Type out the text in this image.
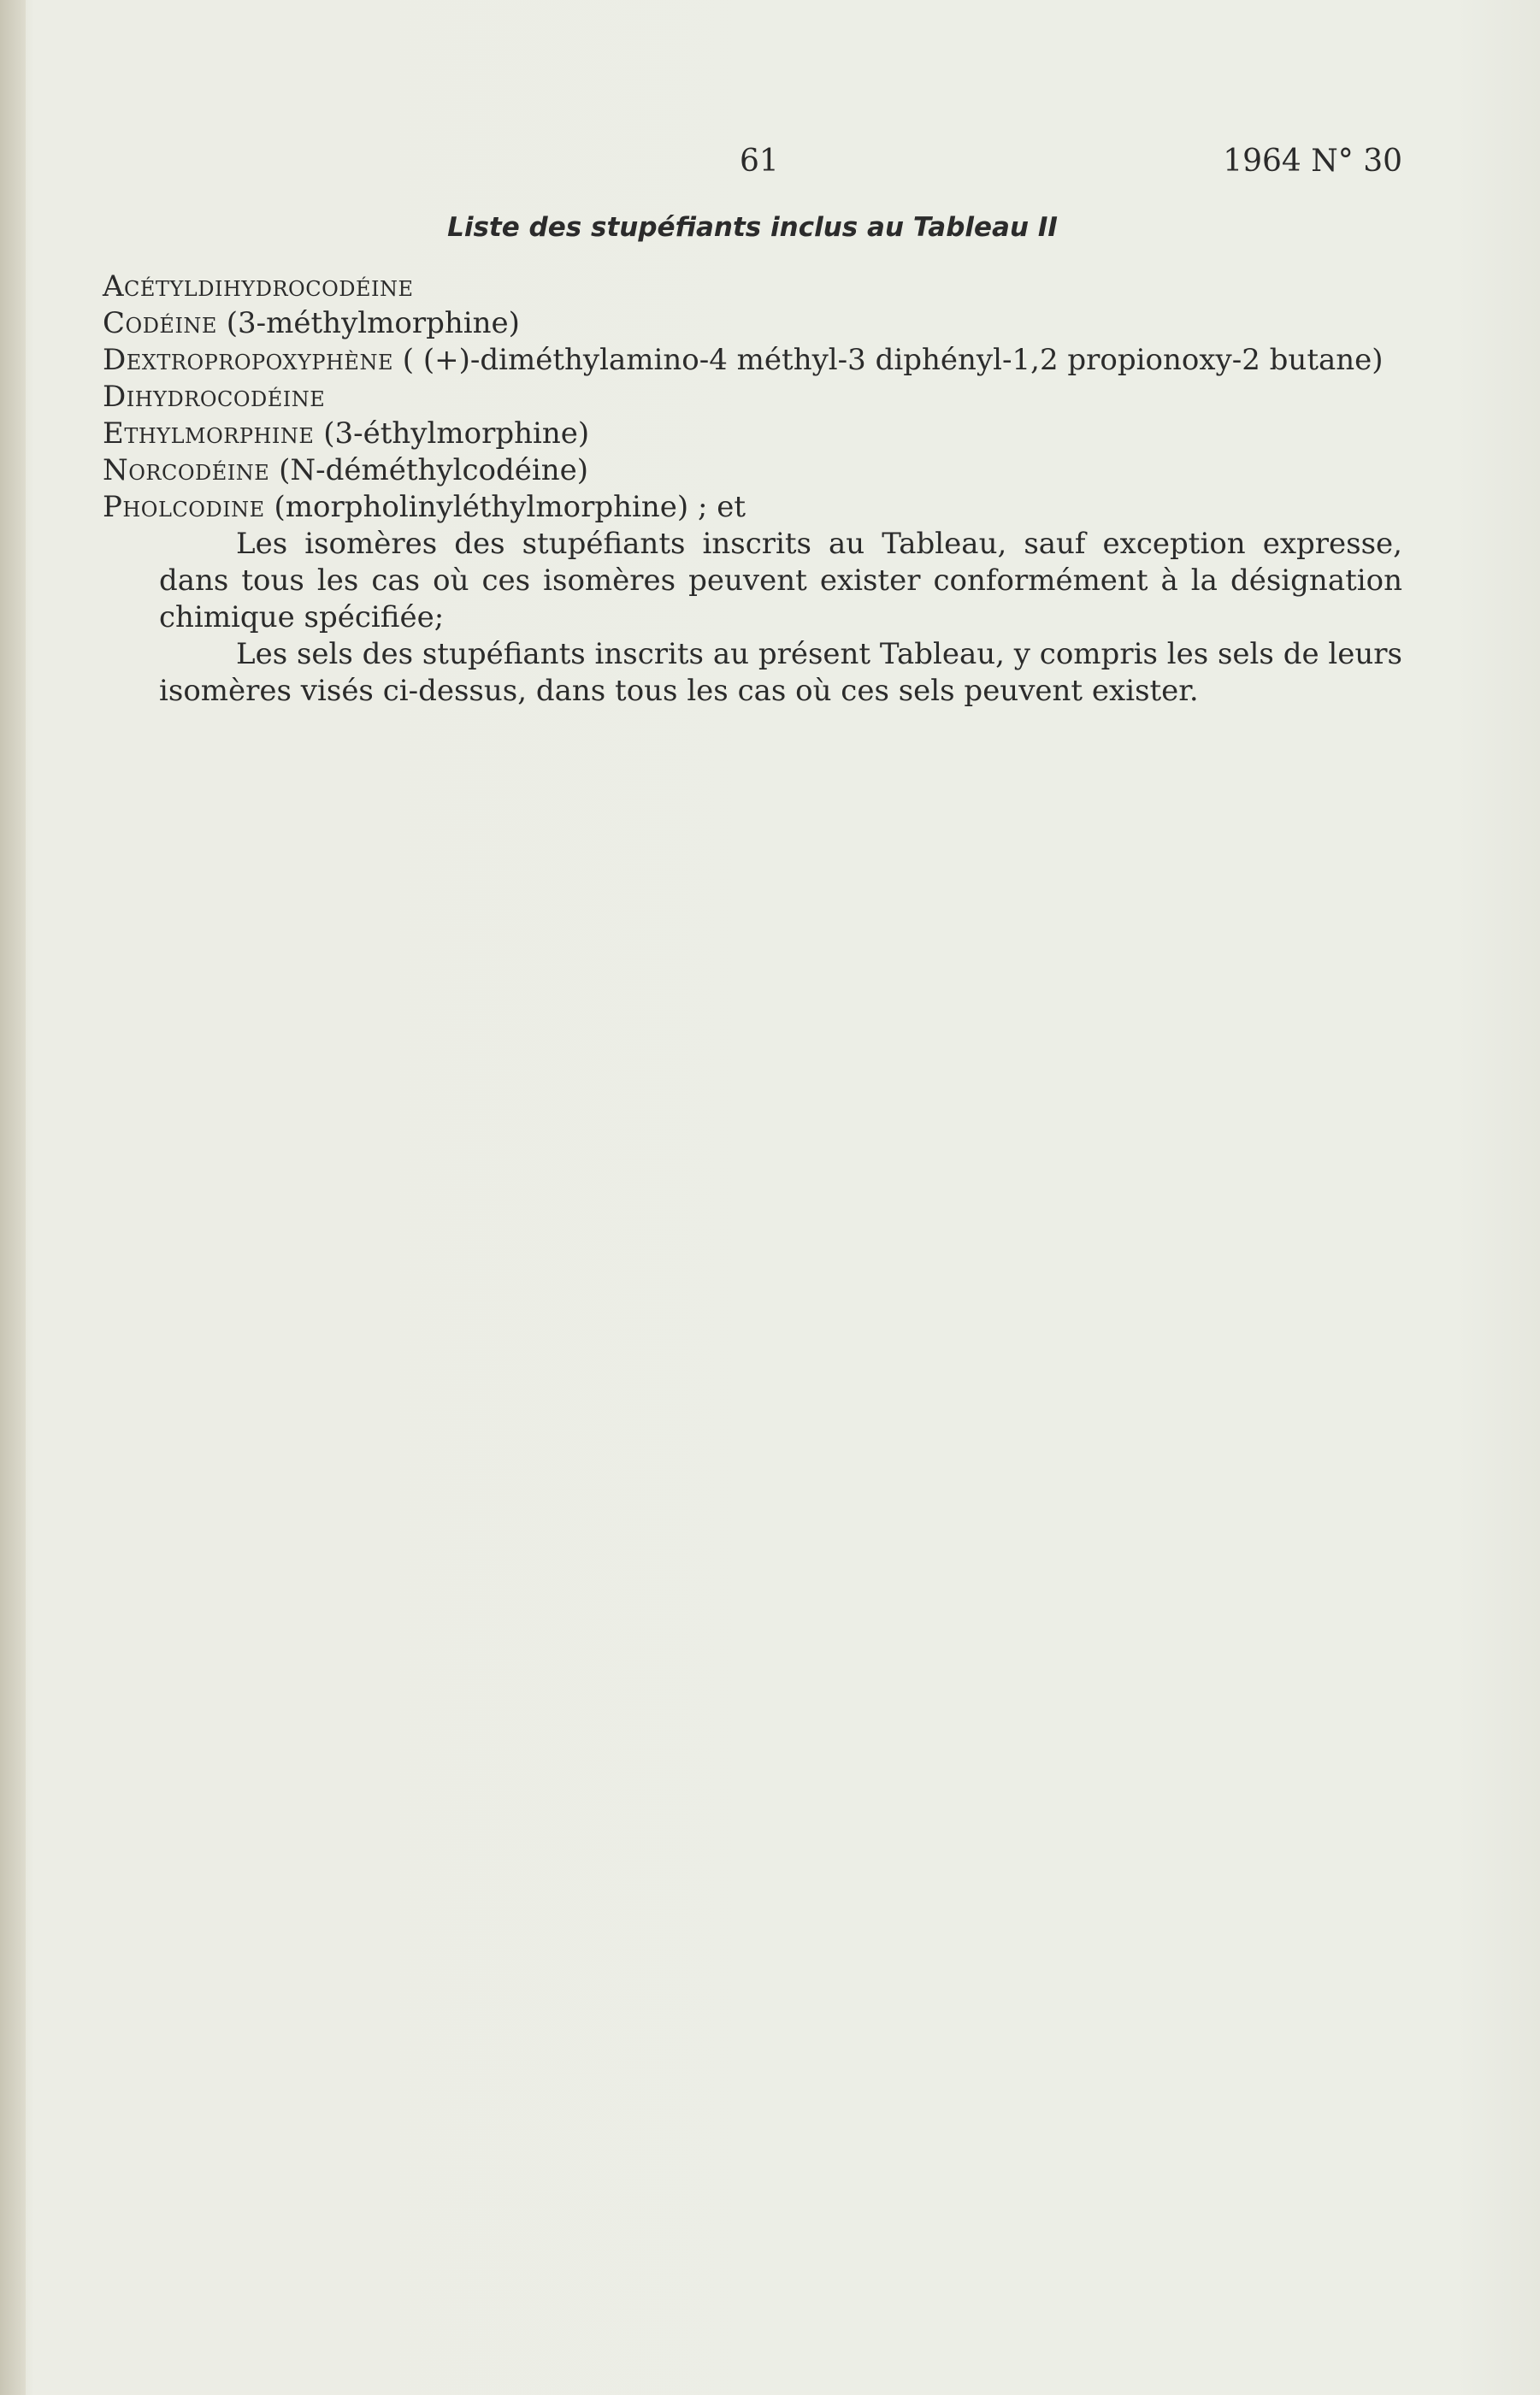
61	1964 N° 30
Liste des stupéfiants inclus au Tableau II
Acétyldihydrocodéine
Codéine (3-méthylmorphine)
Dextropropoxyphène ( (+)-diméthylamino-4 méthyl-3 diphényl-1,2 propionoxy-2 butane)
Dihydrocodéine
Ethylmorphine (3-éthylmorphine)
Norcodéine (N-déméthylcodéine)
Pholcodine (morpholinyléthylmorphine) ; et
Les isomères des stupéfiants inscrits au Tableau, sauf exception expresse, dans tous les cas où ces isomères peuvent exister conformément à la désignation chimique spécifiée;
Les sels des stupéfiants inscrits au présent Tableau, y compris les sels de leurs isomères visés ci-dessus, dans tous les cas où ces sels peuvent exister.
